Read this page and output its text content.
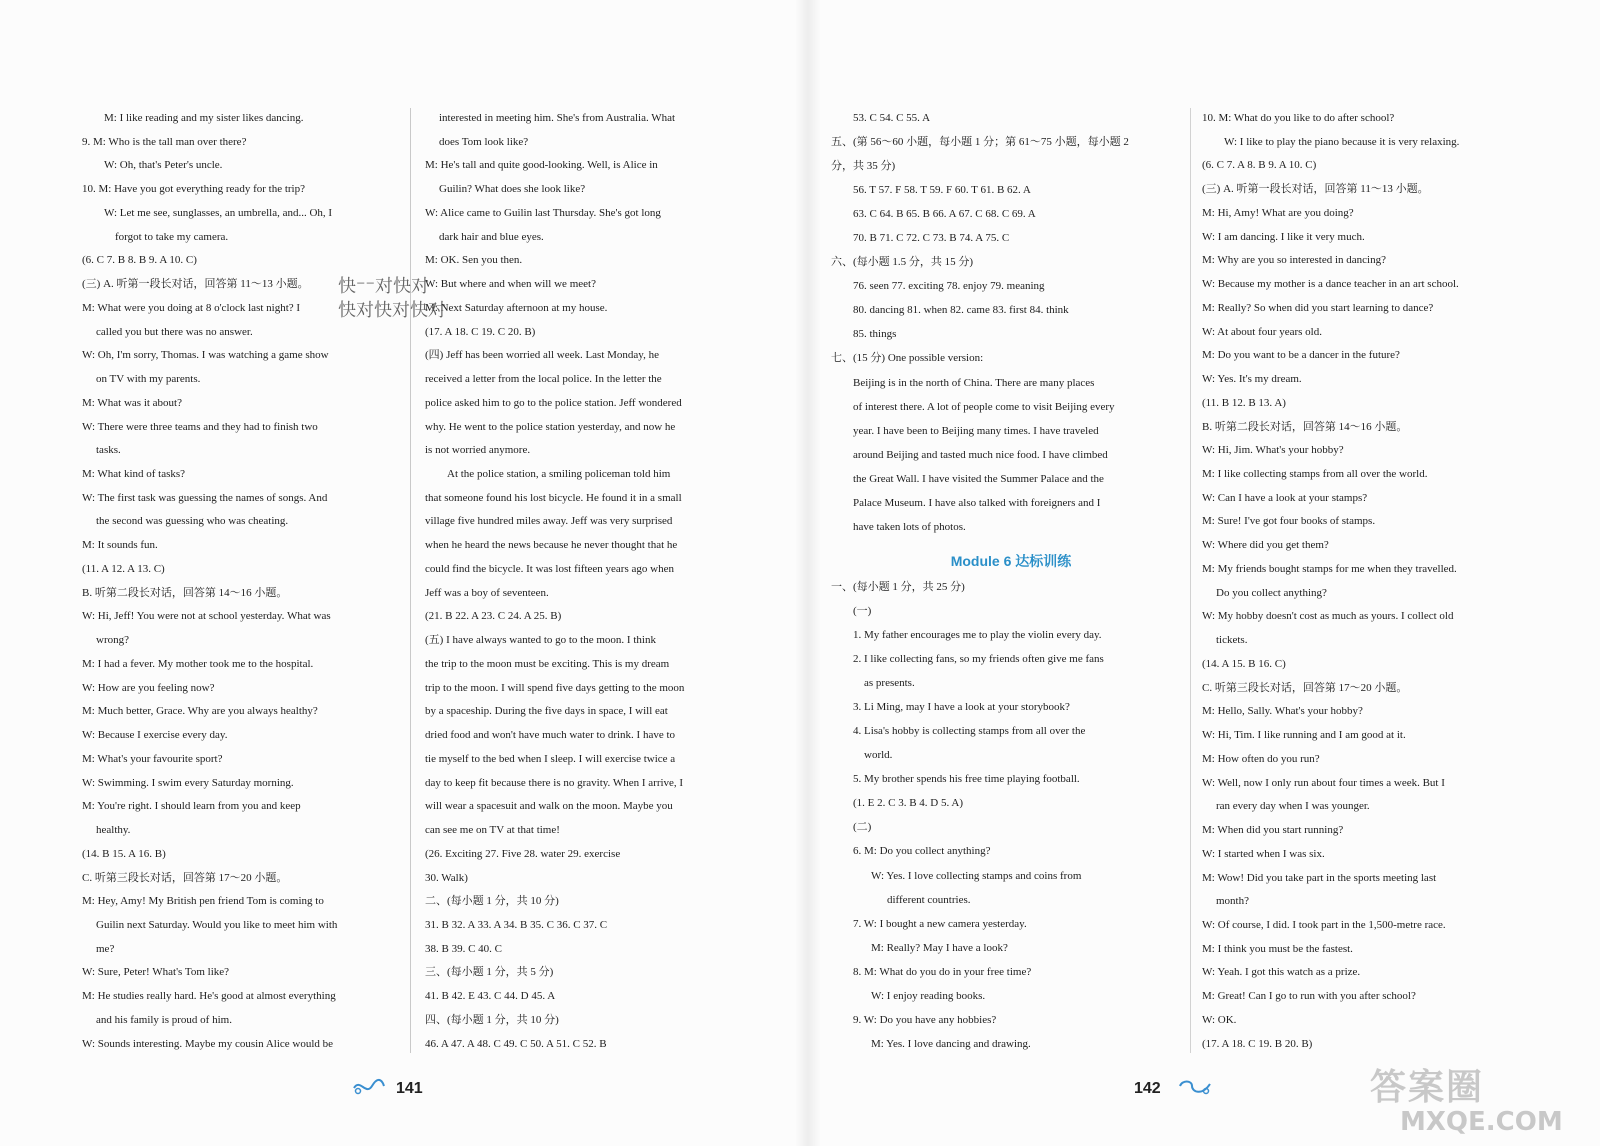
M: I like reading and my sister likes dancing.
9. M: Who is the tall man over there?
W: Oh, that's Peter's uncle.
10. M: Have you got everything ready for the trip?
W: Let me see, sunglasses, an umbrella, and... Oh, I
forgot to take my camera.
(6. C 7. B 8. B 9. A 10. C)
(三) A. 听第一段长对话，回答第 11～13 小题。
M: What were you doing at 8 o'clock last night? I
called you but there was no answer.
W: Oh, I'm sorry, Thomas. I was watching a game show
on TV with my parents.
M: What was it about?
W: There were three teams and they had to finish two
tasks.
M: What kind of tasks?
W: The first task was guessing the names of songs. And
the second was guessing who was cheating.
M: It sounds fun.
(11. A 12. A 13. C)
B. 听第二段长对话，回答第 14～16 小题。
W: Hi, Jeff! You were not at school yesterday. What was
wrong?
M: I had a fever. My mother took me to the hospital.
W: How are you feeling now?
M: Much better, Grace. Why are you always healthy?
W: Because I exercise every day.
M: What's your favourite sport?
W: Swimming. I swim every Saturday morning.
M: You're right. I should learn from you and keep
healthy.
(14. B 15. A 16. B)
C. 听第三段长对话，回答第 17～20 小题。
M: Hey, Amy! My British pen friend Tom is coming to
Guilin next Saturday. Would you like to meet him with
me?
W: Sure, Peter! What's Tom like?
M: He studies really hard. He's good at almost everything
and his family is proud of him.
W: Sounds interesting. Maybe my cousin Alice would be
interested in meeting him. She's from Australia. What
does Tom look like?
M: He's tall and quite good-looking. Well, is Alice in
Guilin? What does she look like?
W: Alice came to Guilin last Thursday. She's got long
dark hair and blue eyes.
M: OK. Sen you then.
W: But where and when will we meet?
M: Next Saturday afternoon at my house.
(17. A 18. C 19. C 20. B)
(四) Jeff has been worried all week. Last Monday, he
received a letter from the local police. In the letter the
police asked him to go to the police station. Jeff wondered
why. He went to the police station yesterday, and now he
is not worried anymore.
At the police station, a smiling policeman told him
that someone found his lost bicycle. He found it in a small
village five hundred miles away. Jeff was very surprised
when he heard the news because he never thought that he
could find the bicycle. It was lost fifteen years ago when
Jeff was a boy of seventeen.
(21. B 22. A 23. C 24. A 25. B)
(五) I have always wanted to go to the moon. I think
the trip to the moon must be exciting. This is my dream
trip to the moon. I will spend five days getting to the moon
by a spaceship. During the five days in space, I will eat
dried food and won't have much water to drink. I have to
tie myself to the bed when I sleep. I will exercise twice a
day to keep fit because there is no gravity. When I arrive, I
will wear a spacesuit and walk on the moon. Maybe you
can see me on TV at that time!
(26. Exciting 27. Five 28. water 29. exercise
30. Walk)
二、(每小题 1 分，共 10 分)
31. B 32. A 33. A 34. B 35. C 36. C 37. C
38. B 39. C 40. C
三、(每小题 1 分，共 5 分)
41. B 42. E 43. C 44. D 45. A
四、(每小题 1 分，共 10 分)
46. A 47. A 48. C 49. C 50. A 51. C 52. B
53. C 54. C 55. A
五、(第 56～60 小题，每小题 1 分；第 61～75 小题，每小题 2
分，共 35 分)
56. T 57. F 58. T 59. F 60. T 61. B 62. A
63. C 64. B 65. B 66. A 67. C 68. C 69. A
70. B 71. C 72. C 73. B 74. A 75. C
六、(每小题 1.5 分，共 15 分)
76. seen 77. exciting 78. enjoy 79. meaning
80. dancing 81. when 82. came 83. first 84. think
85. things
七、(15 分) One possible version:
Beijing is in the north of China. There are many places
of interest there. A lot of people come to visit Beijing every
year. I have been to Beijing many times. I have traveled
around Beijing and tasted much nice food. I have climbed
the Great Wall. I have visited the Summer Palace and the
Palace Museum. I have also talked with foreigners and I
have taken lots of photos.
Module 6 达标训练
一、(每小题 1 分，共 25 分)
(一)
1. My father encourages me to play the violin every day.
2. I like collecting fans, so my friends often give me fans
as presents.
3. Li Ming, may I have a look at your storybook?
4. Lisa's hobby is collecting stamps from all over the
world.
5. My brother spends his free time playing football.
(1. E 2. C 3. B 4. D 5. A)
(二)
6. M: Do you collect anything?
W: Yes. I love collecting stamps and coins from
different countries.
7. W: I bought a new camera yesterday.
M: Really? May I have a look?
8. M: What do you do in your free time?
W: I enjoy reading books.
9. W: Do you have any hobbies?
M: Yes. I love dancing and drawing.
10. M: What do you like to do after school?
W: I like to play the piano because it is very relaxing.
(6. C 7. A 8. B 9. A 10. C)
(三) A. 听第一段长对话，回答第 11～13 小题。
M: Hi, Amy! What are you doing?
W: I am dancing. I like it very much.
M: Why are you so interested in dancing?
W: Because my mother is a dance teacher in an art school.
M: Really? So when did you start learning to dance?
W: At about four years old.
M: Do you want to be a dancer in the future?
W: Yes. It's my dream.
(11. B 12. B 13. A)
B. 听第二段长对话，回答第 14～16 小题。
W: Hi, Jim. What's your hobby?
M: I like collecting stamps from all over the world.
W: Can I have a look at your stamps?
M: Sure! I've got four books of stamps.
W: Where did you get them?
M: My friends bought stamps for me when they travelled.
Do you collect anything?
W: My hobby doesn't cost as much as yours. I collect old
tickets.
(14. A 15. B 16. C)
C. 听第三段长对话，回答第 17～20 小题。
M: Hello, Sally. What's your hobby?
W: Hi, Tim. I like running and I am good at it.
M: How often do you run?
W: Well, now I only run about four times a week. But I
ran every day when I was younger.
M: When did you start running?
W: I started when I was six.
M: Wow! Did you take part in the sports meeting last
month?
W: Of course, I did. I took part in the 1,500-metre race.
M: I think you must be the fastest.
W: Yeah. I got this watch as a prize.
M: Great! Can I go to run with you after school?
W: OK.
(17. A 18. C 19. B 20. B)
快⁻⁻对快对
快对快对快对
141	142	答案圈
MXQE.COM
